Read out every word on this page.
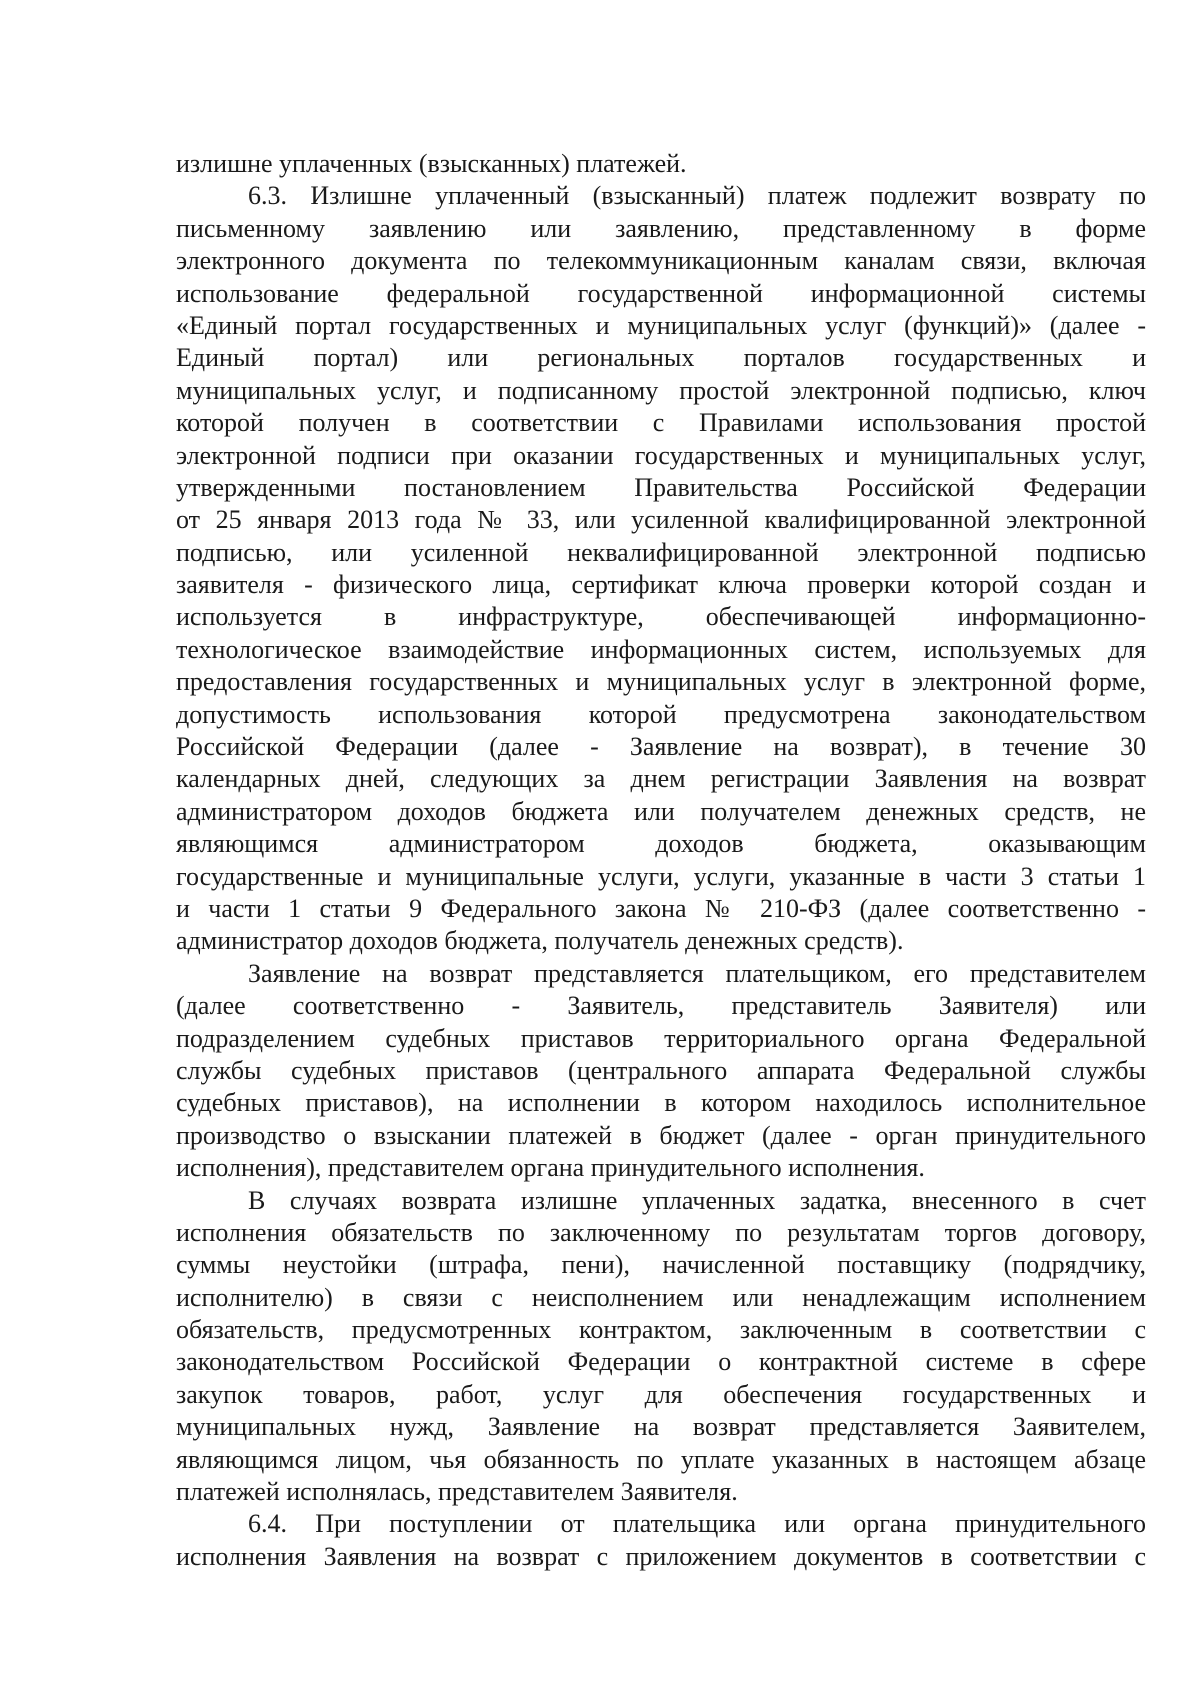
излишне уплаченных (взысканных) платежей.
6.3. Излишне уплаченный (взысканный) платеж подлежит возврату по
письменному заявлению или заявлению, представленному в форме
электронного документа по телекоммуникационным каналам связи, включая
использование федеральной государственной информационной системы
«Единый портал государственных и муниципальных услуг (функций)» (далее -
Единый портал) или региональных порталов государственных и
муниципальных услуг, и подписанному простой электронной подписью, ключ
которой получен в соответствии с Правилами использования простой
электронной подписи при оказании государственных и муниципальных услуг,
утвержденными постановлением Правительства Российской Федерации
от 25 января 2013 года № 33, или усиленной квалифицированной электронной
подписью, или усиленной неквалифицированной электронной подписью
заявителя - физического лица, сертификат ключа проверки которой создан и
используется в инфраструктуре, обеспечивающей информационно-
технологическое взаимодействие информационных систем, используемых для
предоставления государственных и муниципальных услуг в электронной форме,
допустимость использования которой предусмотрена законодательством
Российской Федерации (далее - Заявление на возврат), в течение 30
календарных дней, следующих за днем регистрации Заявления на возврат
администратором доходов бюджета или получателем денежных средств, не
являющимся администратором доходов бюджета, оказывающим
государственные и муниципальные услуги, услуги, указанные в части 3 статьи 1
и части 1 статьи 9 Федерального закона № 210-ФЗ (далее соответственно -
администратор доходов бюджета, получатель денежных средств).
Заявление на возврат представляется плательщиком, его представителем
(далее соответственно - Заявитель, представитель Заявителя) или
подразделением судебных приставов территориального органа Федеральной
службы судебных приставов (центрального аппарата Федеральной службы
судебных приставов), на исполнении в котором находилось исполнительное
производство о взыскании платежей в бюджет (далее - орган принудительного
исполнения), представителем органа принудительного исполнения.
В случаях возврата излишне уплаченных задатка, внесенного в счет
исполнения обязательств по заключенному по результатам торгов договору,
суммы неустойки (штрафа, пени), начисленной поставщику (подрядчику,
исполнителю) в связи с неисполнением или ненадлежащим исполнением
обязательств, предусмотренных контрактом, заключенным в соответствии с
законодательством Российской Федерации о контрактной системе в сфере
закупок товаров, работ, услуг для обеспечения государственных и
муниципальных нужд, Заявление на возврат представляется Заявителем,
являющимся лицом, чья обязанность по уплате указанных в настоящем абзаце
платежей исполнялась, представителем Заявителя.
6.4. При поступлении от плательщика или органа принудительного
исполнения Заявления на возврат с приложением документов в соответствии с
